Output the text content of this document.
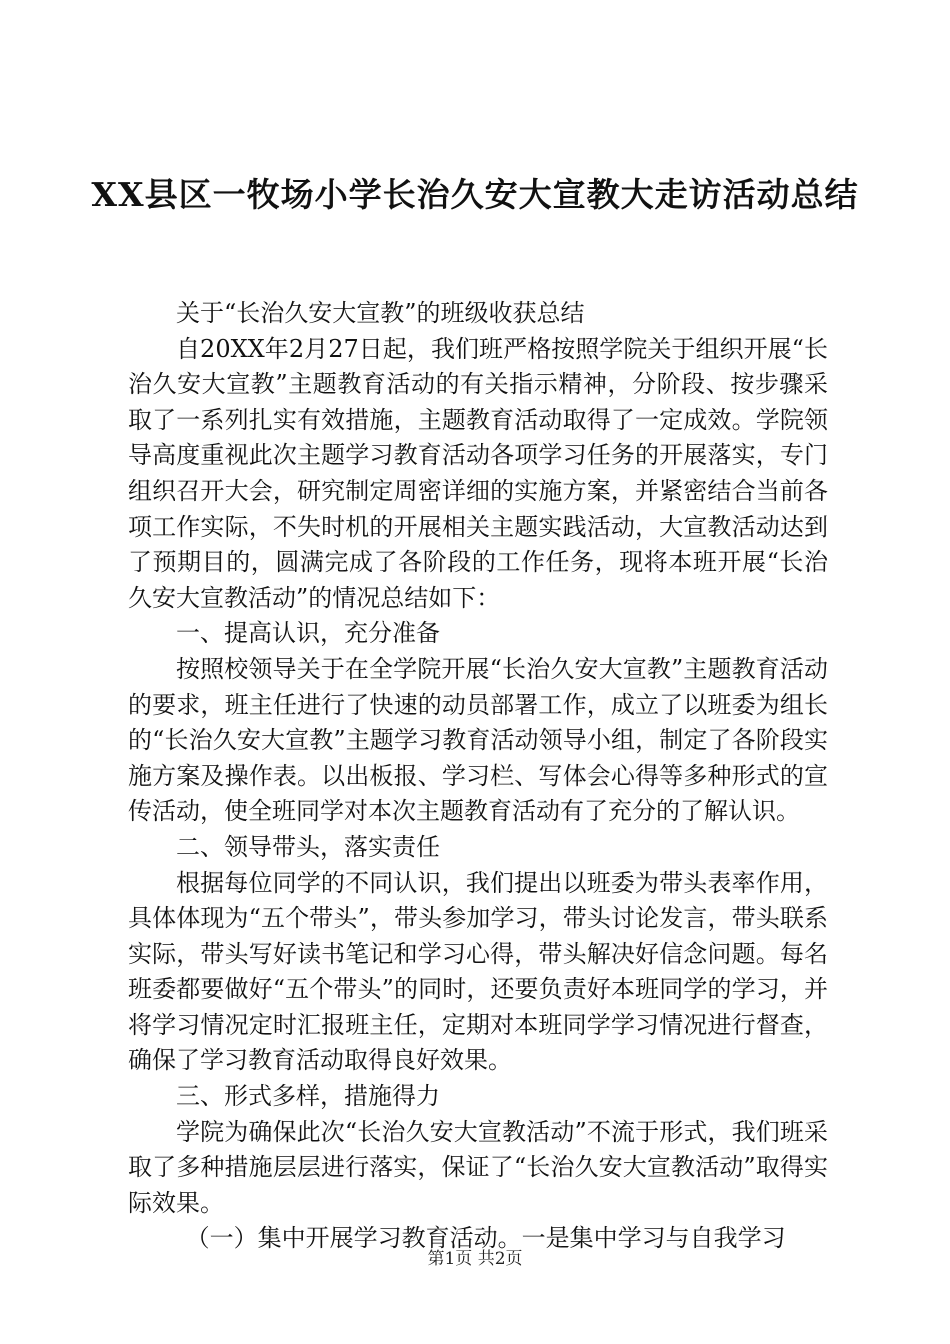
XX县区一牧场小学长治久安大宣教大走访活动总结

关于“长治久安大宣教”的班级收获总结

自20XX年2月27日起，我们班严格按照学院关于组织开展“长治久安大宣教”主题教育活动的有关指示精神，分阶段、按步骤采取了一系列扎实有效措施，主题教育活动取得了一定成效。学院领导高度重视此次主题学习教育活动各项学习任务的开展落实，专门组织召开大会，研究制定周密详细的实施方案，并紧密结合当前各项工作实际，不失时机的开展相关主题实践活动，大宣教活动达到了预期目的，圆满完成了各阶段的工作任务，现将本班开展“长治久安大宣教活动”的情况总结如下：

一、提高认识，充分准备

按照校领导关于在全学院开展“长治久安大宣教”主题教育活动的要求，班主任进行了快速的动员部署工作，成立了以班委为组长的“长治久安大宣教”主题学习教育活动领导小组，制定了各阶段实施方案及操作表。以出板报、学习栏、写体会心得等多种形式的宣传活动，使全班同学对本次主题教育活动有了充分的了解认识。

二、领导带头，落实责任

根据每位同学的不同认识，我们提出以班委为带头表率作用，具体体现为“五个带头”，带头参加学习，带头讨论发言，带头联系实际，带头写好读书笔记和学习心得，带头解决好信念问题。每名班委都要做好“五个带头”的同时，还要负责好本班同学的学习，并将学习情况定时汇报班主任，定期对本班同学学习情况进行督查，确保了学习教育活动取得良好效果。

三、形式多样，措施得力

学院为确保此次“长治久安大宣教活动”不流于形式，我们班采取了多种措施层层进行落实，保证了“长治久安大宣教活动”取得实际效果。

（一）集中开展学习教育活动。一是集中学习与自我学习

第1页 共2页
